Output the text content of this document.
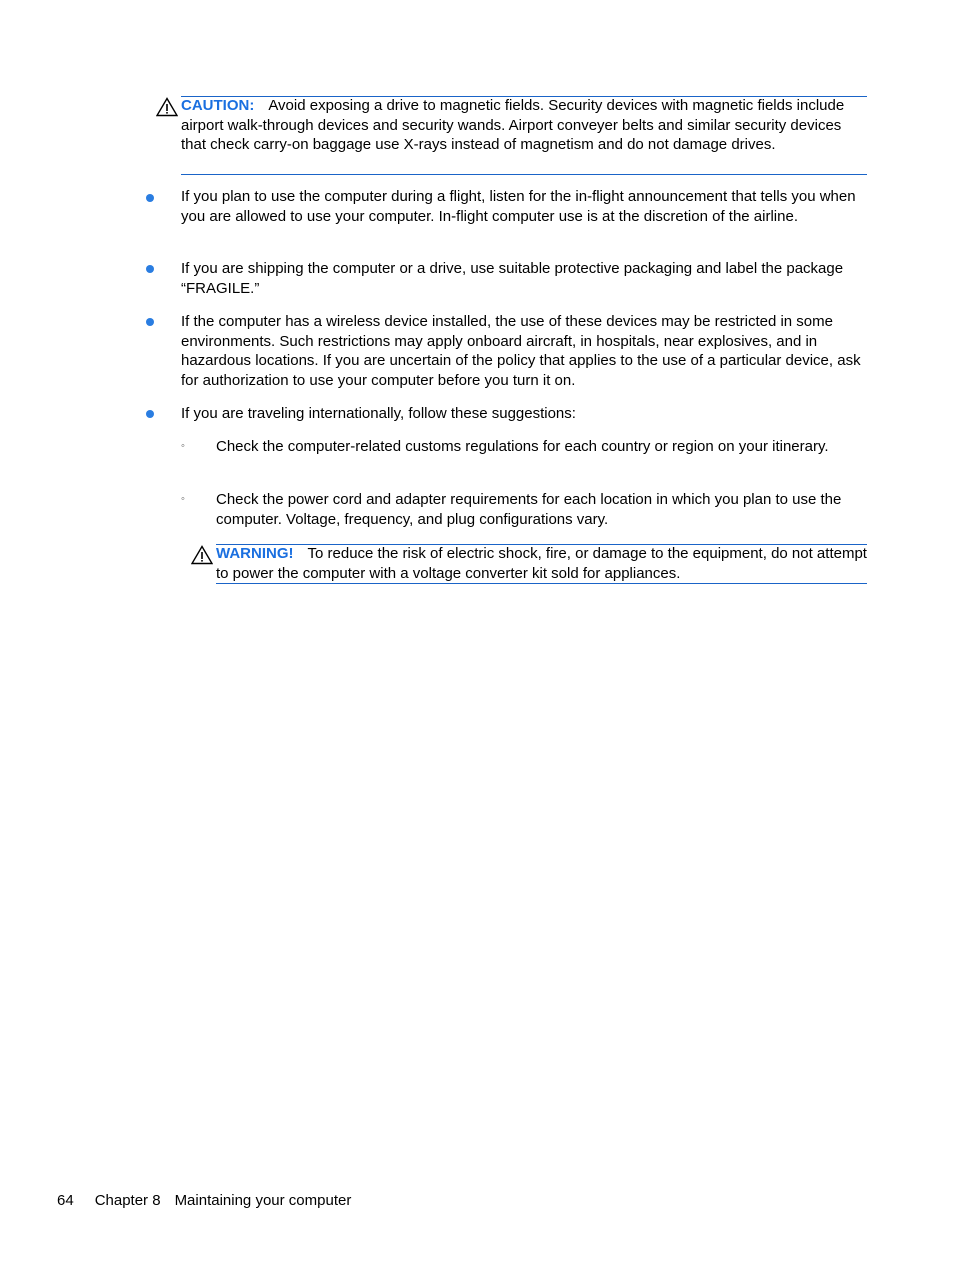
CAUTION: Avoid exposing a drive to magnetic fields. Security devices with magnetic fields include airport walk-through devices and security wands. Airport conveyer belts and similar security devices that check carry-on baggage use X-rays instead of magnetism and do not damage drives.

If you plan to use the computer during a flight, listen for the in-flight announcement that tells you when you are allowed to use your computer. In-flight computer use is at the discretion of the airline.

If you are shipping the computer or a drive, use suitable protective packaging and label the package “FRAGILE.”

If the computer has a wireless device installed, the use of these devices may be restricted in some environments. Such restrictions may apply onboard aircraft, in hospitals, near explosives, and in hazardous locations. If you are uncertain of the policy that applies to the use of a particular device, ask for authorization to use your computer before you turn it on.

If you are traveling internationally, follow these suggestions:

◦ Check the computer-related customs regulations for each country or region on your itinerary.

◦ Check the power cord and adapter requirements for each location in which you plan to use the computer. Voltage, frequency, and plug configurations vary.

WARNING! To reduce the risk of electric shock, fire, or damage to the equipment, do not attempt to power the computer with a voltage converter kit sold for appliances.

64 Chapter 8 Maintaining your computer
